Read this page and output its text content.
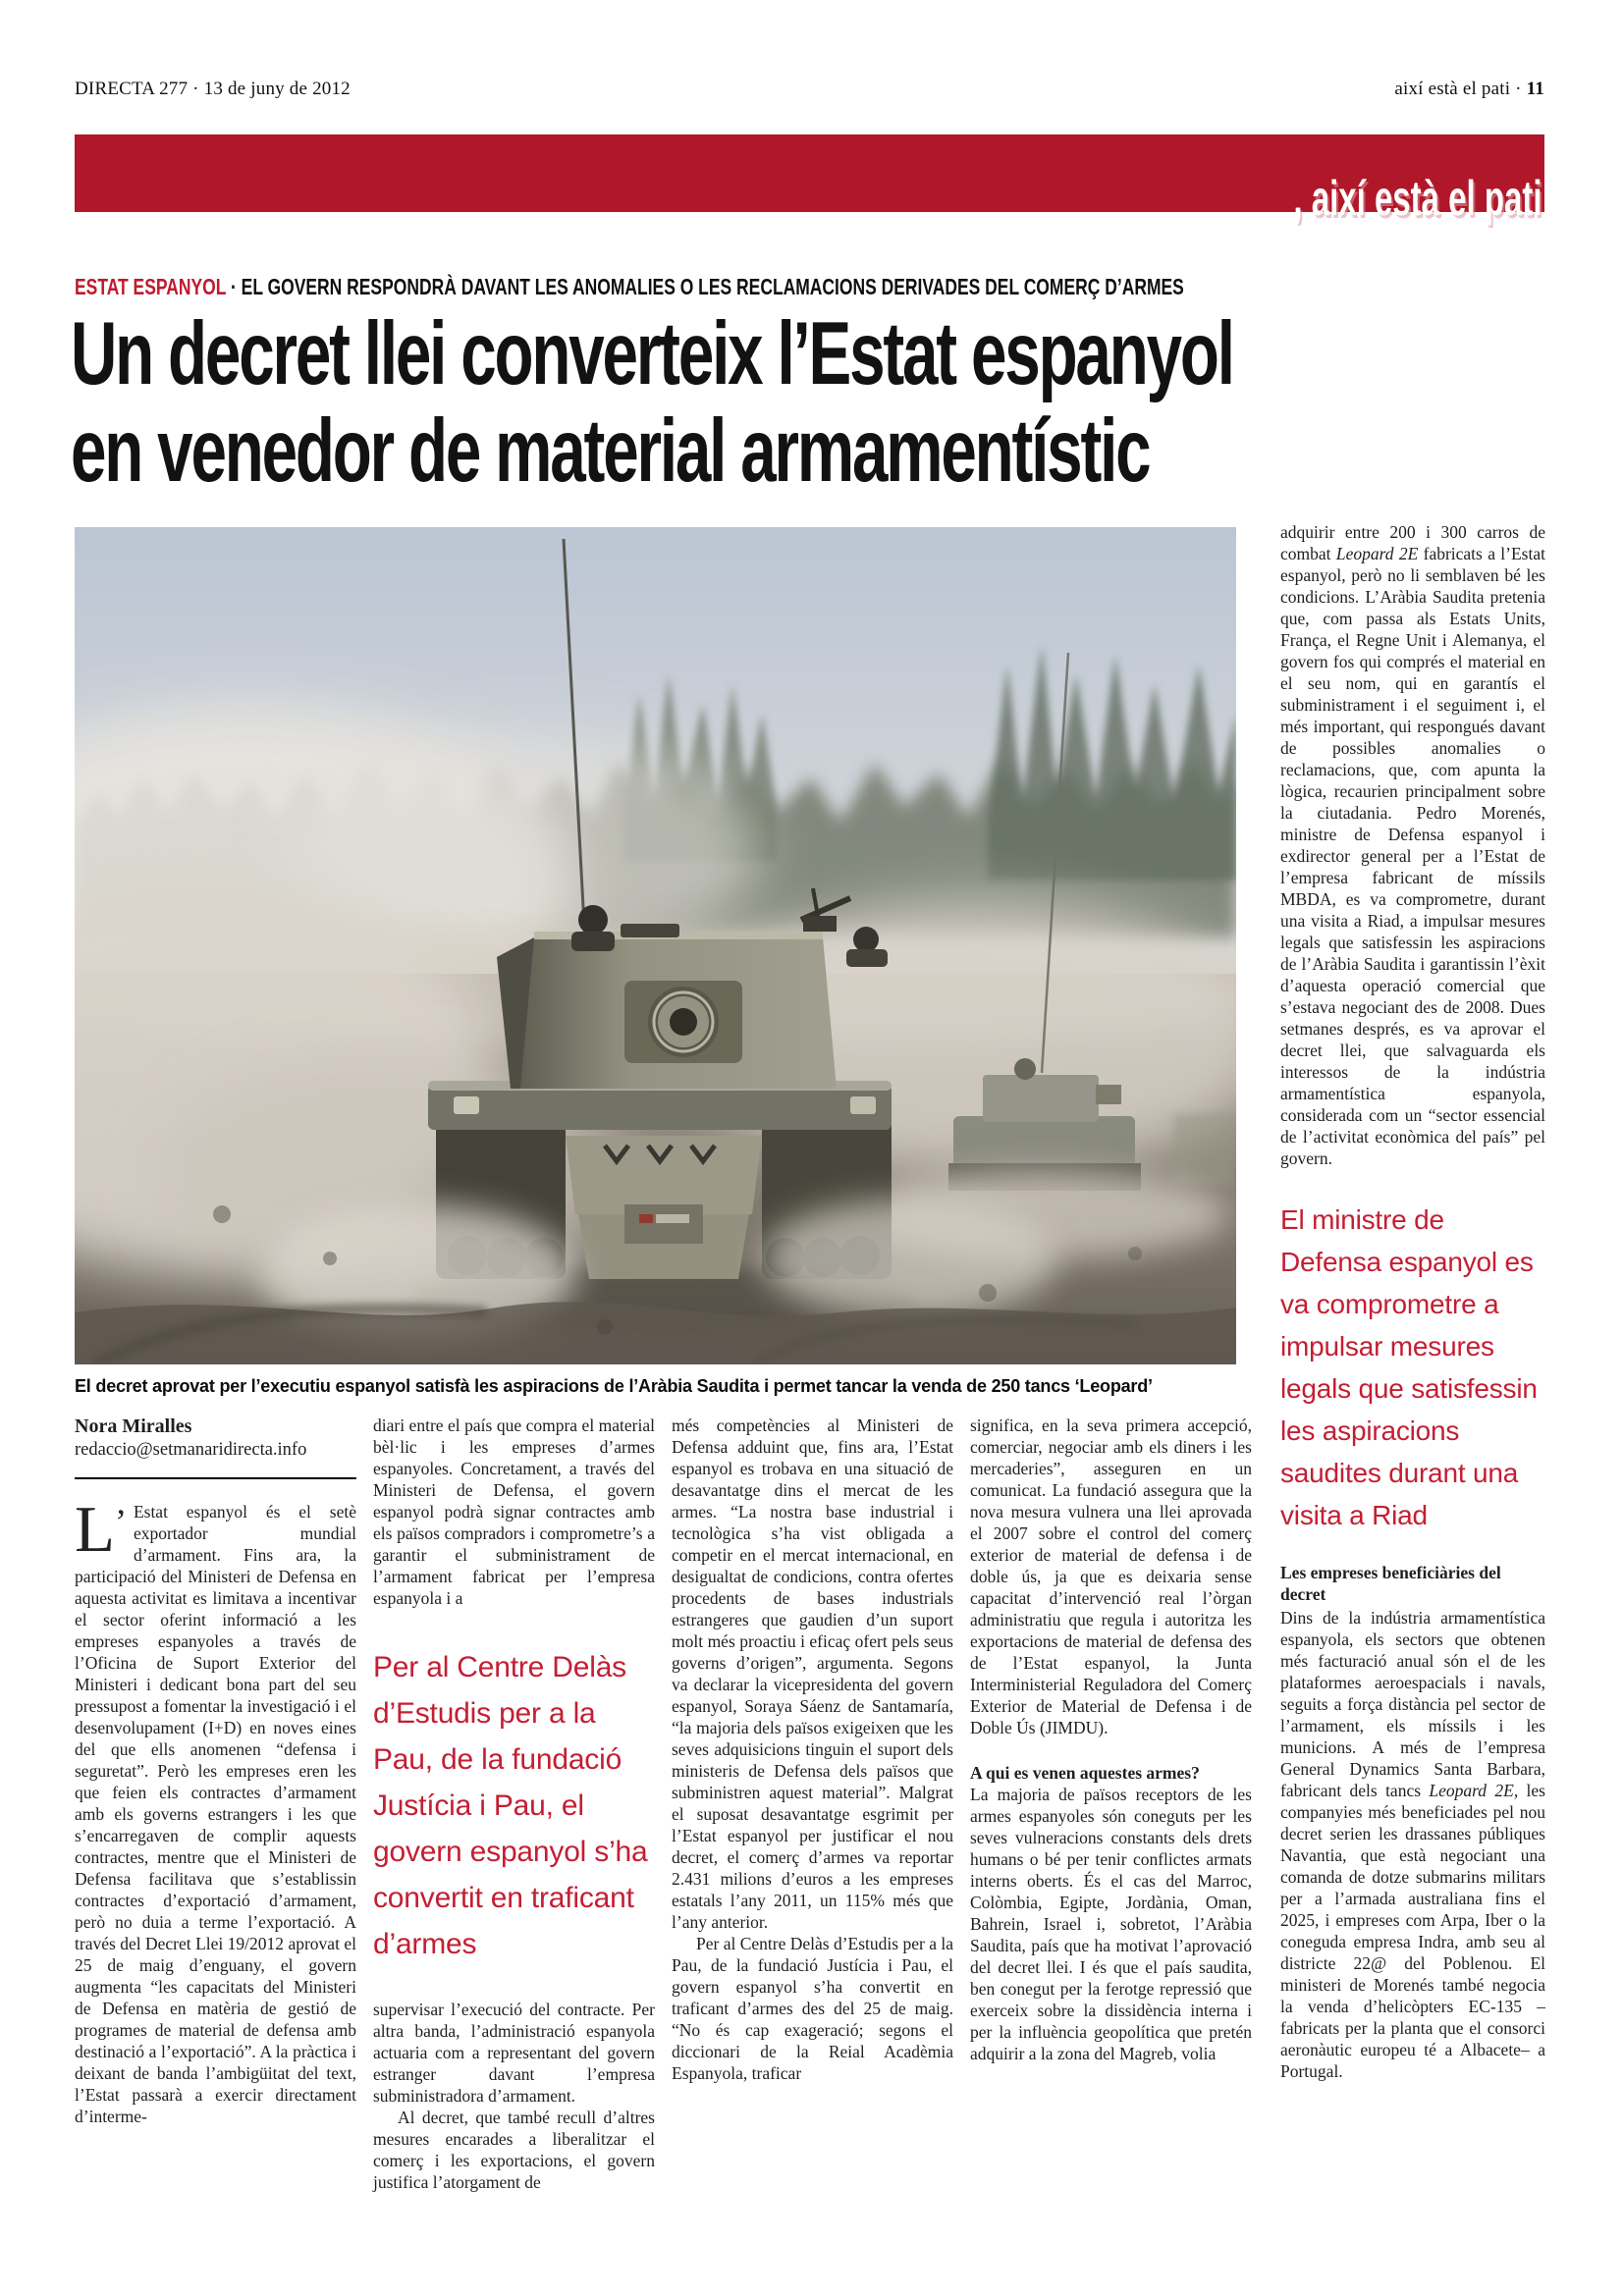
DIRECTA 277 · 13 de juny de 2012	així està el pati · 11
, així està el pati
ESTAT ESPANYOL · EL GOVERN RESPONDRÀ DAVANT LES ANOMALIES O LES RECLAMACIONS DERIVADES DEL COMERÇ D’ARMES
Un decret llei converteix l’Estat espanyol
en venedor de material armamentístic
El decret aprovat per l’executiu espanyol satisfà les aspiracions de l’Aràbia Saudita i permet tancar la venda de 250 tancs ‘Leopard’
Nora Miralles
redaccio@setmanaridirecta.info

L’ Estat espanyol és el setè exportador mundial d’armament. Fins ara, la participació del Ministeri de Defensa en aquesta activitat es limitava a incentivar el sector oferint informació a les empreses espanyoles a través de l’Oficina de Suport Exterior del Ministeri i dedicant bona part del seu pressupost a fomentar la investigació i el desenvolupament (I+D) en noves eines del que ells anomenen “defensa i seguretat”. Però les empreses eren les que feien els contractes d’armament amb els governs estrangers i les que s’encarregaven de complir aquests contractes, mentre que el Ministeri de Defensa facilitava que s’establissin contractes d’exportació d’armament, però no duia a terme l’exportació. A través del Decret Llei 19/2012 aprovat el 25 de maig d’enguany, el govern augmenta “les capacitats del Ministeri de Defensa en matèria de gestió de programes de material de defensa amb destinació a l’exportació”. A la pràctica i deixant de banda l’ambigüitat del text, l’Estat passarà a exercir directament d’interme-

diari entre el país que compra el material bèl·lic i les empreses d’armes espanyoles. Concretament, a través del Ministeri de Defensa, el govern espanyol podrà signar contractes amb els països compradors i comprometre’s a garantir el subministrament de l’armament fabricat per l’empresa espanyola i a

Per al Centre Delàs d’Estudis per a la Pau, de la fundació Justícia i Pau, el govern espanyol s’ha convertit en traficant d’armes

supervisar l’execució del contracte. Per altra banda, l’administració espanyola actuaria com a representant del govern estranger davant l’empresa subministradora d’armament.

Al decret, que també recull d’altres mesures encarades a liberalitzar el comerç i les exportacions, el govern justifica l’atorgament de

més competències al Ministeri de Defensa adduint que, fins ara, l’Estat espanyol es trobava en una situació de desavantatge dins el mercat de les armes. “La nostra base industrial i tecnològica s’ha vist obligada a competir en el mercat internacional, en desigualtat de condicions, contra ofertes procedents de bases industrials estrangeres que gaudien d’un suport molt més proactiu i eficaç ofert pels seus governs d’origen”, argumenta. Segons va declarar la vicepresidenta del govern espanyol, Soraya Sáenz de Santamaría, “la majoria dels països exigeixen que les seves adquisicions tinguin el suport dels ministeris de Defensa dels països que subministren aquest material”. Malgrat el suposat desavantatge esgrimit per l’Estat espanyol per justificar el nou decret, el comerç d’armes va reportar 2.431 milions d’euros a les empreses estatals l’any 2011, un 115% més que l’any anterior.

Per al Centre Delàs d’Estudis per a la Pau, de la fundació Justícia i Pau, el govern espanyol s’ha convertit en traficant d’armes des del 25 de maig. “No és cap exageració; segons el diccionari de la Reial Acadèmia Espanyola, traficar

significa, en la seva primera accepció, comerciar, negociar amb els diners i les mercaderies”, asseguren en un comunicat. La fundació assegura que la nova mesura vulnera una llei aprovada el 2007 sobre el control del comerç exterior de material de defensa i de doble ús, ja que es deixaria sense capacitat d’intervenció real l’òrgan administratiu que regula i autoritza les exportacions de material de defensa des de l’Estat espanyol, la Junta Interministerial Reguladora del Comerç Exterior de Material de Defensa i de Doble Ús (JIMDU).

A qui es venen aquestes armes?

La majoria de països receptors de les armes espanyoles són coneguts per les seves vulneracions constants dels drets humans o bé per tenir conflictes armats interns oberts. És el cas del Marroc, Colòmbia, Egipte, Jordània, Oman, Bahrein, Israel i, sobretot, l’Aràbia Saudita, país que ha motivat l’aprovació del decret llei. I és que el país saudita, ben conegut per la ferotge repressió que exerceix sobre la dissidència interna i per la influència geopolítica que pretén adquirir a la zona del Magreb, volia

adquirir entre 200 i 300 carros de combat Leopard 2E fabricats a l’Estat espanyol, però no li semblaven bé les condicions. L’Aràbia Saudita pretenia que, com passa als Estats Units, França, el Regne Unit i Alemanya, el govern fos qui comprés el material en el seu nom, qui en garantís el subministrament i el seguiment i, el més important, qui respongués davant de possibles anomalies o reclamacions, que, com apunta la lògica, recaurien principalment sobre la ciutadania. Pedro Morenés, ministre de Defensa espanyol i exdirector general per a l’Estat de l’empresa fabricant de míssils MBDA, es va comprometre, durant una visita a Riad, a impulsar mesures legals que satisfessin les aspiracions de l’Aràbia Saudita i garantissin l’èxit d’aquesta operació comercial que s’estava negociant des de 2008. Dues setmanes després, es va aprovar el decret llei, que salvaguarda els interessos de la indústria armamentística espanyola, considerada com un “sector essencial de l’activitat econòmica del país” pel govern.

El ministre de Defensa espanyol es va comprometre a impulsar mesures legals que satisfessin les aspiracions saudites durant una visita a Riad
Les empreses beneficiàries del decret

Dins de la indústria armamentística espanyola, els sectors que obtenen més facturació anual són el de les plataformes aeroespacials i navals, seguits a força distància pel sector de l’armament, els míssils i les municions. A més de l’empresa General Dynamics Santa Barbara, fabricant dels tancs Leopard 2E, les companyies més beneficiades pel nou decret serien les drassanes públiques Navantia, que està negociant una comanda de dotze submarins militars per a l’armada australiana fins el 2025, i empreses com Arpa, Iber o la coneguda empresa Indra, amb seu al districte 22@ del Poblenou. El ministeri de Morenés també negocia la venda d’helicòpters EC-135 –fabricats per la planta que el consorci aeronàutic europeu té a Albacete– a Portugal.
